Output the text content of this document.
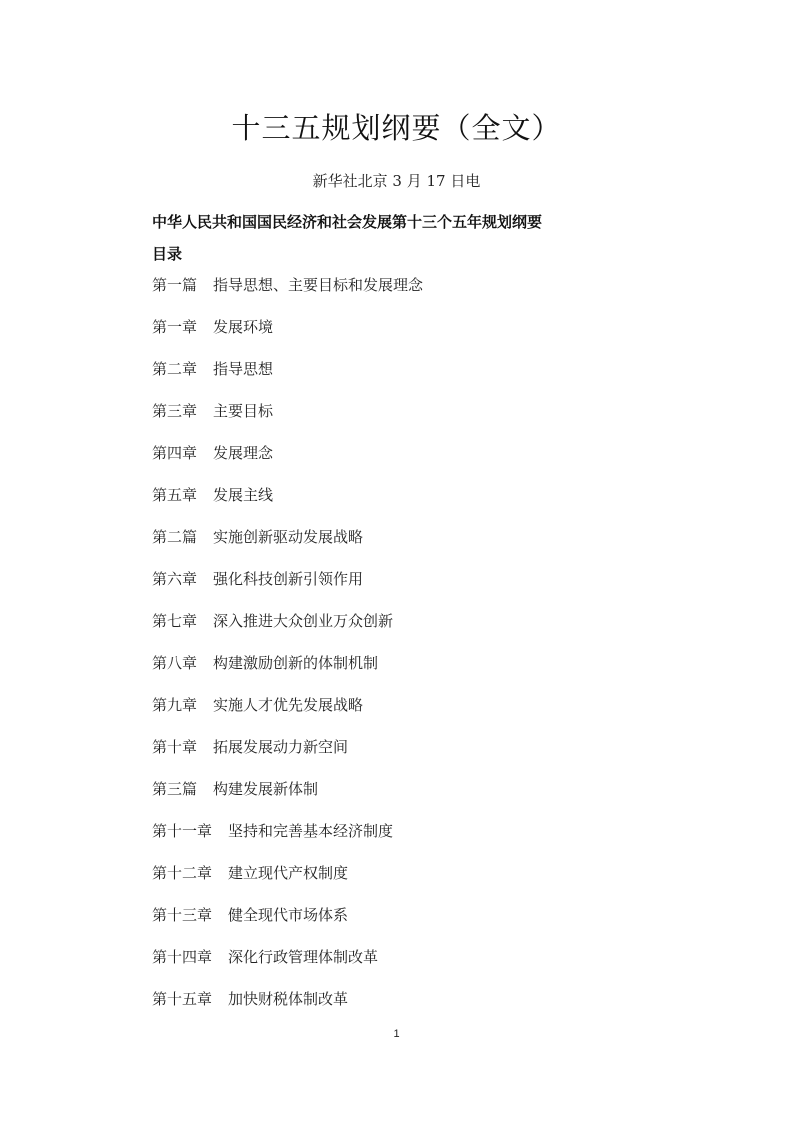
十三五规划纲要（全文）
新华社北京 3 月 17 日电
中华人民共和国国民经济和社会发展第十三个五年规划纲要
目录
第一篇 指导思想、主要目标和发展理念
第一章 发展环境
第二章 指导思想
第三章 主要目标
第四章 发展理念
第五章 发展主线
第二篇 实施创新驱动发展战略
第六章 强化科技创新引领作用
第七章 深入推进大众创业万众创新
第八章 构建激励创新的体制机制
第九章 实施人才优先发展战略
第十章 拓展发展动力新空间
第三篇 构建发展新体制
第十一章 坚持和完善基本经济制度
第十二章 建立现代产权制度
第十三章 健全现代市场体系
第十四章 深化行政管理体制改革
第十五章 加快财税体制改革
1
